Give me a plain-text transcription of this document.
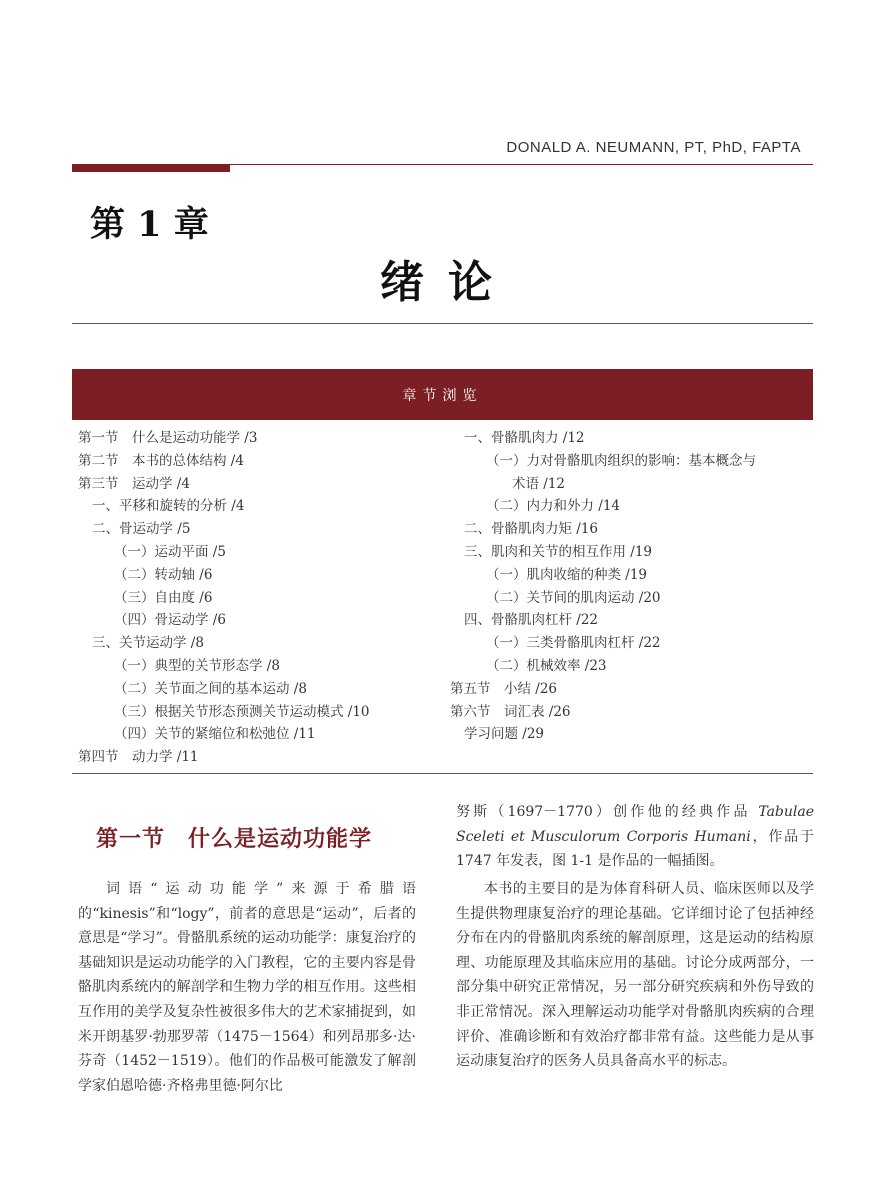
DONALD A. NEUMANN, PT, PhD, FAPTA
第 1 章
绪论
章节浏览
第一节　什么是运动功能学 /3
第二节　本书的总体结构 /4
第三节　运动学 /4
一、平移和旋转的分析 /4
二、骨运动学 /5
（一）运动平面 /5
（二）转动轴 /6
（三）自由度 /6
（四）骨运动学 /6
三、关节运动学 /8
（一）典型的关节形态学 /8
（二）关节面之间的基本运动 /8
（三）根据关节形态预测关节运动模式 /10
（四）关节的紧缩位和松弛位 /11
第四节　动力学 /11
一、骨骼肌肉力 /12
（一）力对骨骼肌肉组织的影响：基本概念与
术语 /12
（二）内力和外力 /14
二、骨骼肌肉力矩 /16
三、肌肉和关节的相互作用 /19
（一）肌肉收缩的种类 /19
（二）关节间的肌肉运动 /20
四、骨骼肌肉杠杆 /22
（一）三类骨骼肌肉杠杆 /22
（二）机械效率 /23
第五节　小结 /26
第六节　词汇表 /26
学习问题 /29
第一节　什么是运动功能学

词语“运动功能学”来源于希腊语的“kinesis”和“logy”，前者的意思是“运动”，后者的意思是“学习”。骨骼肌系统的运动功能学：康复治疗的基础知识是运动功能学的入门教程，它的主要内容是骨骼肌肉系统内的解剖学和生物力学的相互作用。这些相互作用的美学及复杂性被很多伟大的艺术家捕捉到，如米开朗基罗·勃那罗蒂（1475－1564）和列昂那多·达·芬奇（1452－1519）。他们的作品极可能激发了解剖学家伯恩哈德·齐格弗里德·阿尔比

努斯（1697－1770）创作他的经典作品 Tabulae Sceleti et Musculorum Corporis Humani，作品于 1747 年发表，图 1-1 是作品的一幅插图。

本书的主要目的是为体育科研人员、临床医师以及学生提供物理康复治疗的理论基础。它详细讨论了包括神经分布在内的骨骼肌肉系统的解剖原理，这是运动的结构原理、功能原理及其临床应用的基础。讨论分成两部分，一部分集中研究正常情况，另一部分研究疾病和外伤导致的非正常情况。深入理解运动功能学对骨骼肌肉疾病的合理评价、准确诊断和有效治疗都非常有益。这些能力是从事运动康复治疗的医务人员具备高水平的标志。
